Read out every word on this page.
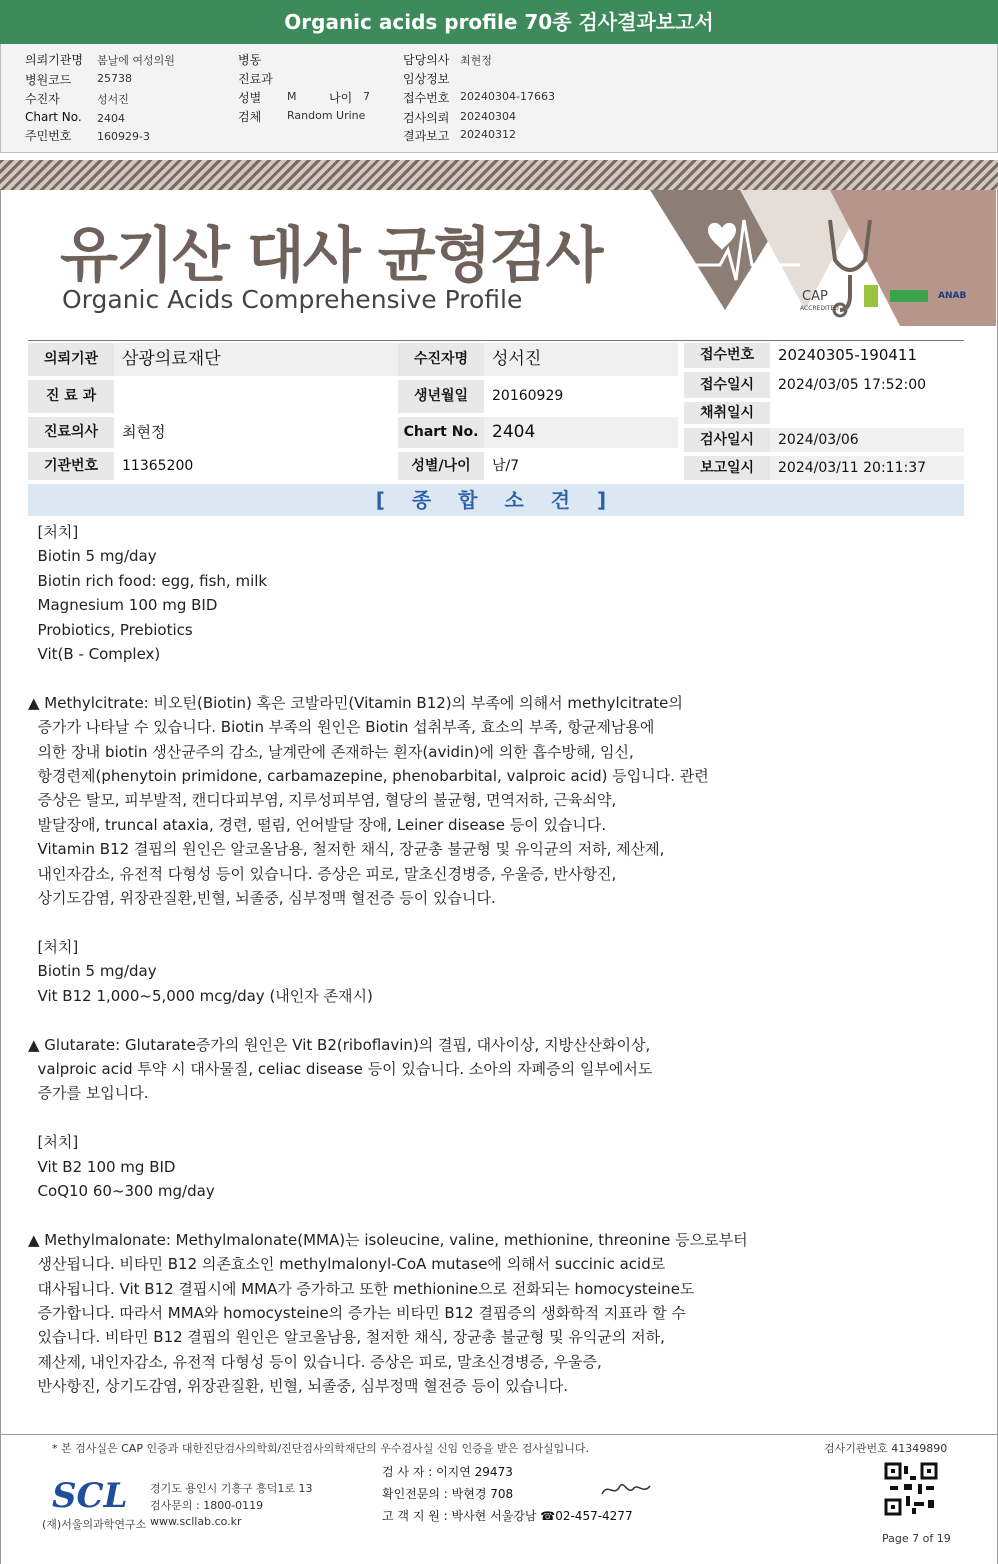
Organic acids profile 70종 검사결과보고서
의뢰기관명 봄날에 여성의원
병원코드 25738
수진자	성서진
Chart No. 2404
주민번호 160929-3
병동
진료과
성별 M	나이 7
검체 Random Urine
담당의사 최현정
임상정보
접수번호 20240304-17663
검사의뢰 20240304
결과보고 20240312
CAP
ACCREDITED
ANAB
유기산 대사 균형검사
Organic Acids Comprehensive Profile
의뢰기관	삼광의료재단
진 료 과
진료의사	최현정
기관번호	11365200
수진자명	성서진
생년월일	20160929
Chart No. 2404
성별/나이	남/7
접수번호	20240305-190411
접수일시	2024/03/05 17:52:00
채취일시
검사일시	2024/03/06
보고일시	2024/03/11 20:11:37
[ 종 합 소 견 ]

[처치]

Biotin 5 mg/day

Biotin rich food: egg, fish, milk

Magnesium 100 mg BID

Probiotics, Prebiotics

Vit(B - Complex)

▲ Methylcitrate: 비오틴(Biotin) 혹은 코발라민(Vitamin B12)의 부족에 의해서 methylcitrate의

증가가 나타날 수 있습니다. Biotin 부족의 원인은 Biotin 섭취부족, 효소의 부족, 항균제남용에

의한 장내 biotin 생산균주의 감소, 날계란에 존재하는 흰자(avidin)에 의한 흡수방해, 임신,

항경련제(phenytoin primidone, carbamazepine, phenobarbital, valproic acid) 등입니다. 관련

증상은 탈모, 피부발적, 캔디다피부염, 지루성피부염, 혈당의 불균형, 면역저하, 근육쇠약,

발달장애, truncal ataxia, 경련, 떨림, 언어발달 장애, Leiner disease 등이 있습니다.

Vitamin B12 결핍의 원인은 알코올남용, 철저한 채식, 장균총 불균형 및 유익균의 저하, 제산제,

내인자감소, 유전적 다형성 등이 있습니다. 증상은 피로, 말초신경병증, 우울증, 반사항진,

상기도감염, 위장관질환,빈혈, 뇌졸중, 심부정맥 혈전증 등이 있습니다.

[처치]

Biotin 5 mg/day

Vit B12 1,000~5,000 mcg/day (내인자 존재시)

▲ Glutarate: Glutarate증가의 원인은 Vit B2(riboflavin)의 결핍, 대사이상, 지방산산화이상,

valproic acid 투약 시 대사물질, celiac disease 등이 있습니다. 소아의 자폐증의 일부에서도

증가를 보입니다.

[처치]

Vit B2 100 mg BID

CoQ10 60~300 mg/day

▲ Methylmalonate: Methylmalonate(MMA)는 isoleucine, valine, methionine, threonine 등으로부터

생산됩니다. 비타민 B12 의존효소인 methylmalonyl-CoA mutase에 의해서 succinic acid로

대사됩니다. Vit B12 결핍시에 MMA가 증가하고 또한 methionine으로 전화되는 homocysteine도

증가합니다. 따라서 MMA와 homocysteine의 증가는 비타민 B12 결핍증의 생화학적 지표라 할 수

있습니다. 비타민 B12 결핍의 원인은 알코올남용, 철저한 채식, 장균총 불균형 및 유익균의 저하,

제산제, 내인자감소, 유전적 다형성 등이 있습니다. 증상은 피로, 말초신경병증, 우울증,

반사항진, 상기도감염, 위장관질환, 빈혈, 뇌졸중, 심부정맥 혈전증 등이 있습니다.

* 본 검사실은 CAP 인증과 대한진단검사의학회/진단검사의학재단의 우수검사실 신임 인증을 받은 검사실입니다.	검사기관번호 41349890
SCL
(재)서울의과학연구소
경기도 용인시 기흥구 흥덕1로 13
검사문의 : 1800-0119
www.scllab.co.kr
검 사 자 : 이지연 29473
확인전문의 : 박현경 708
고 객 지 원 : 박사현 서울강남 ☎02-457-4277
Page 7 of 19
